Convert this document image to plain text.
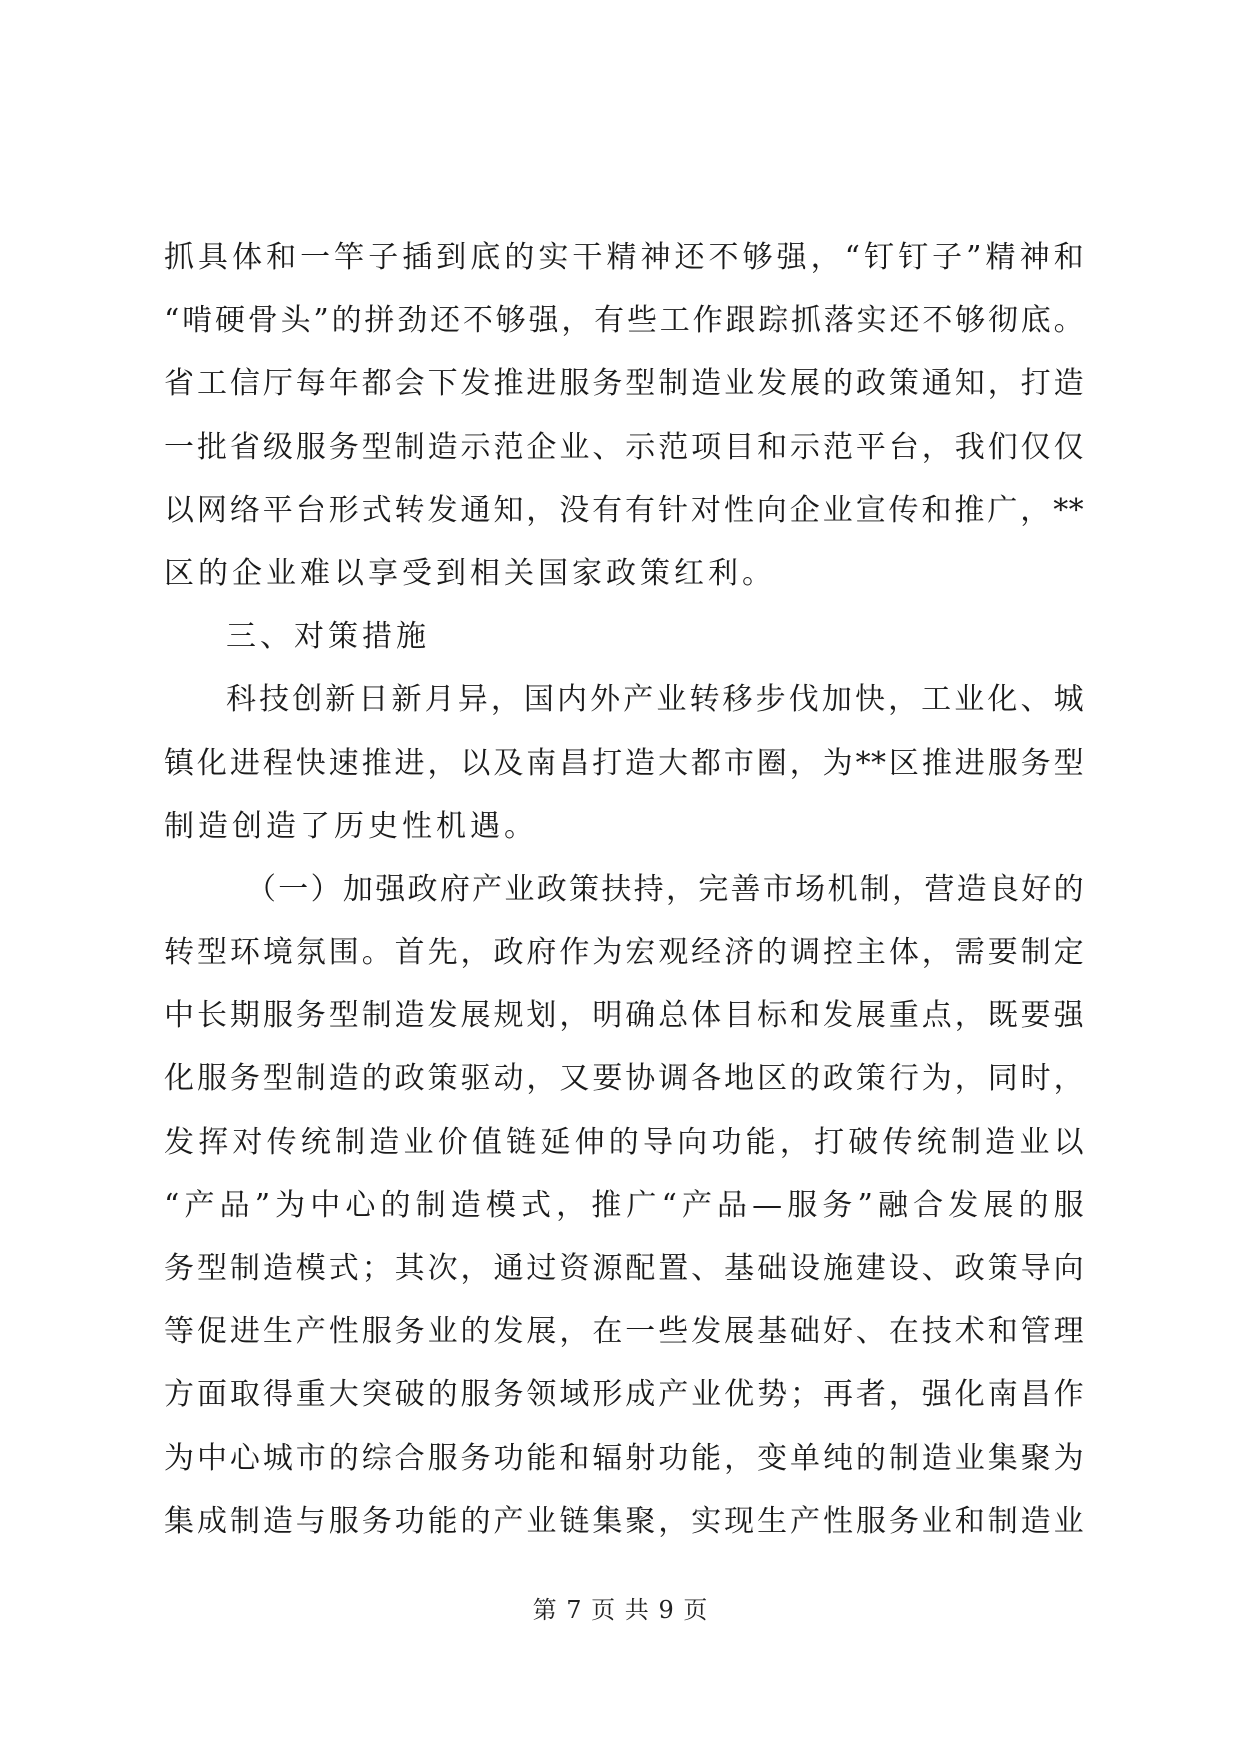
抓具体和一竿子插到底的实干精神还不够强，“钉钉子”精神和
“啃硬骨头”的拼劲还不够强，有些工作跟踪抓落实还不够彻底。
省工信厅每年都会下发推进服务型制造业发展的政策通知，打造
一批省级服务型制造示范企业、示范项目和示范平台，我们仅仅
以网络平台形式转发通知，没有有针对性向企业宣传和推广，**
区的企业难以享受到相关国家政策红利。
三、对策措施
科技创新日新月异，国内外产业转移步伐加快，工业化、城
镇化进程快速推进，以及南昌打造大都市圈，为**区推进服务型
制造创造了历史性机遇。
（一）加强政府产业政策扶持，完善市场机制，营造良好的
转型环境氛围。首先，政府作为宏观经济的调控主体，需要制定
中长期服务型制造发展规划，明确总体目标和发展重点，既要强
化服务型制造的政策驱动，又要协调各地区的政策行为，同时，
发挥对传统制造业价值链延伸的导向功能，打破传统制造业以
“产品”为中心的制造模式，推广“产品—服务”融合发展的服
务型制造模式；其次，通过资源配置、基础设施建设、政策导向
等促进生产性服务业的发展，在一些发展基础好、在技术和管理
方面取得重大突破的服务领域形成产业优势；再者，强化南昌作
为中心城市的综合服务功能和辐射功能，变单纯的制造业集聚为
集成制造与服务功能的产业链集聚，实现生产性服务业和制造业
第 7 页 共 9 页
